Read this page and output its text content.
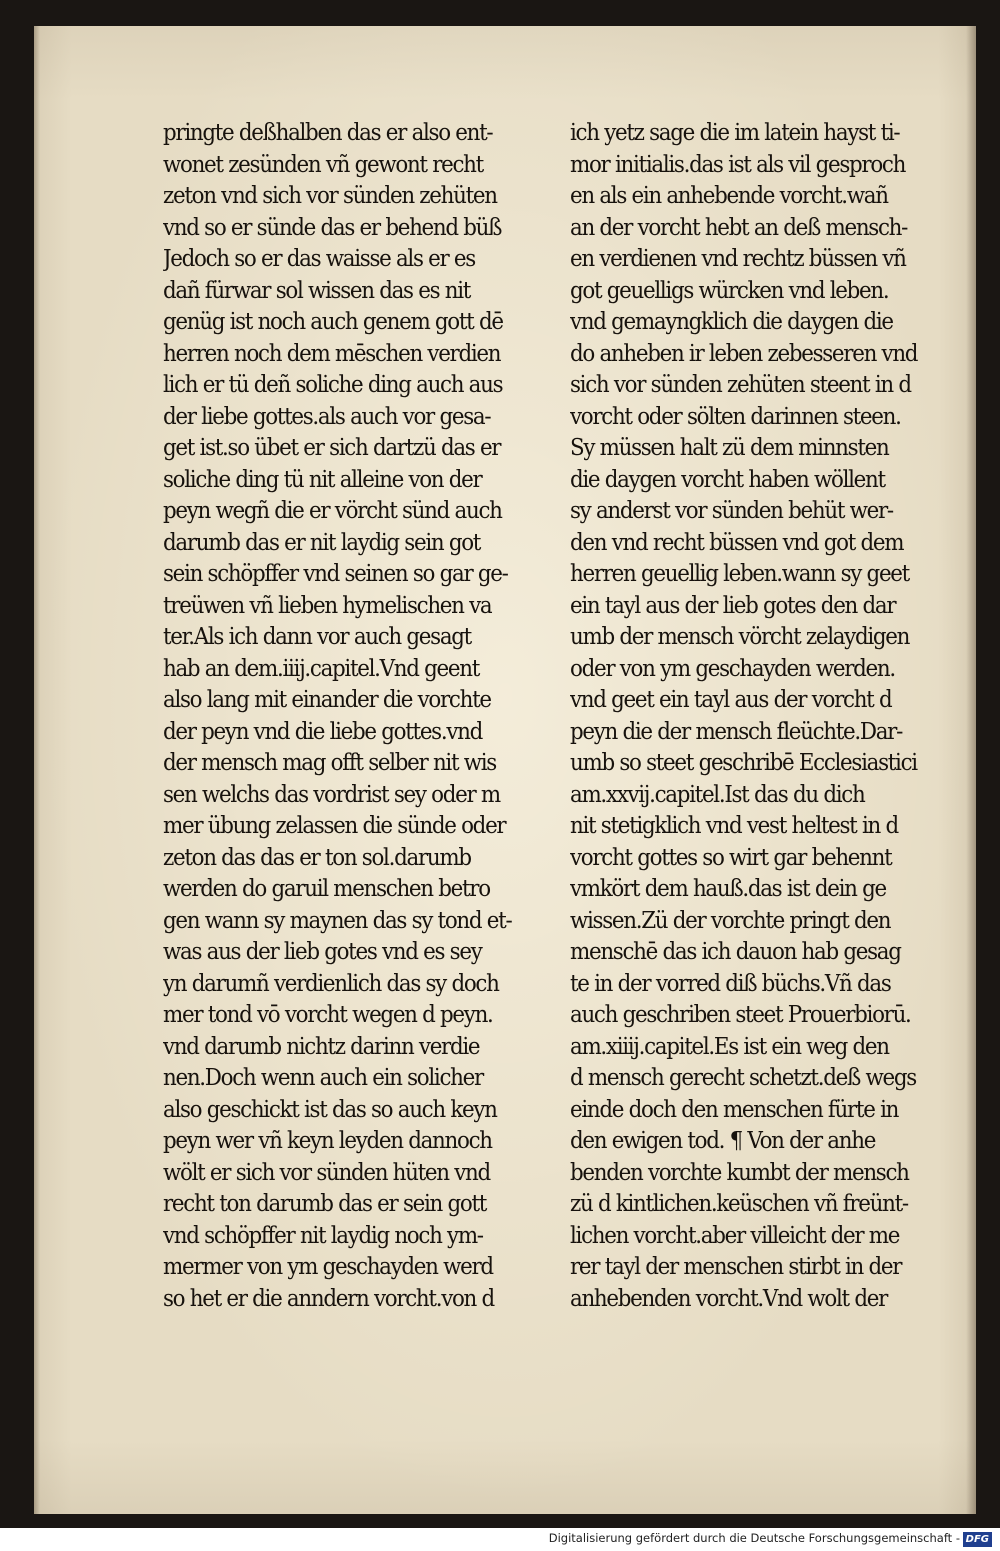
pringte deßhalben das er also ent-
wonet zesünden vñ gewont recht
zeton vnd sich vor sünden zehüten
vnd so er sünde das er behend büß
Jedoch so er das waisse als er es
dañ fürwar sol wissen das es nit
genüg ist noch auch genem gott dē
herren noch dem mēschen verdien
lich er tü deñ soliche ding auch aus
der liebe gottes.als auch vor gesa-
get ist.so übet er sich dartzü das er
soliche ding tü nit alleine von der
peyn wegñ die er vörcht sünd auch
darumb das er nit laydig sein got
sein schöpffer vnd seinen so gar ge-
treüwen vñ lieben hymelischen va
ter.Als ich dann vor auch gesagt
hab an dem.iiij.capitel.Vnd geent
also lang mit einander die vorchte
der peyn vnd die liebe gottes.vnd
der mensch mag offt selber nit wis
sen welchs das vordrist sey oder m
mer übung zelassen die sünde oder
zeton das das er ton sol.darumb
werden do garuil menschen betro
gen wann sy maynen das sy tond et-
was aus der lieb gotes vnd es sey
yn darumñ verdienlich das sy doch
mer tond vō vorcht wegen d peyn.
vnd darumb nichtz darinn verdie
nen.Doch wenn auch ein solicher
also geschickt ist das so auch keyn
peyn wer vñ keyn leyden dannoch
wölt er sich vor sünden hüten vnd
recht ton darumb das er sein gott
vnd schöpffer nit laydig noch ym-
mermer von ym geschayden werd
so het er die anndern vorcht.von d
ich yetz sage die im latein hayst ti-
mor initialis.das ist als vil gesproch
en als ein anhebende vorcht.wañ
an der vorcht hebt an deß mensch-
en verdienen vnd rechtz büssen vñ
got geuelligs würcken vnd leben.
vnd gemayngklich die daygen die
do anheben ir leben zebesseren vnd
sich vor sünden zehüten steent in d
vorcht oder sölten darinnen steen.
Sy müssen halt zü dem minnsten
die daygen vorcht haben wöllent
sy anderst vor sünden behüt wer-
den vnd recht büssen vnd got dem
herren geuellig leben.wann sy geet
ein tayl aus der lieb gotes den dar
umb der mensch vörcht zelaydigen
oder von ym geschayden werden.
vnd geet ein tayl aus der vorcht d
peyn die der mensch fleüchte.Dar-
umb so steet geschribē Ecclesiastici
am.xxvij.capitel.Ist das du dich
nit stetigklich vnd vest heltest in d
vorcht gottes so wirt gar behennt
vmkört dem hauß.das ist dein ge
wissen.Zü der vorchte pringt den
menschē das ich dauon hab gesag
te in der vorred diß büchs.Vñ das
auch geschriben steet Prouerbiorū.
am.xiiij.capitel.Es ist ein weg den
d mensch gerecht schetzt.deß wegs
einde doch den menschen fürte in
den ewigen tod. ¶ Von der anhe
benden vorchte kumbt der mensch
zü d kintlichen.keüschen vñ freünt-
lichen vorcht.aber villeicht der me
rer tayl der menschen stirbt in der
anhebenden vorcht.Vnd wolt der
Digitalisierung gefördert durch die Deutsche Forschungsgemeinschaft - DFG
